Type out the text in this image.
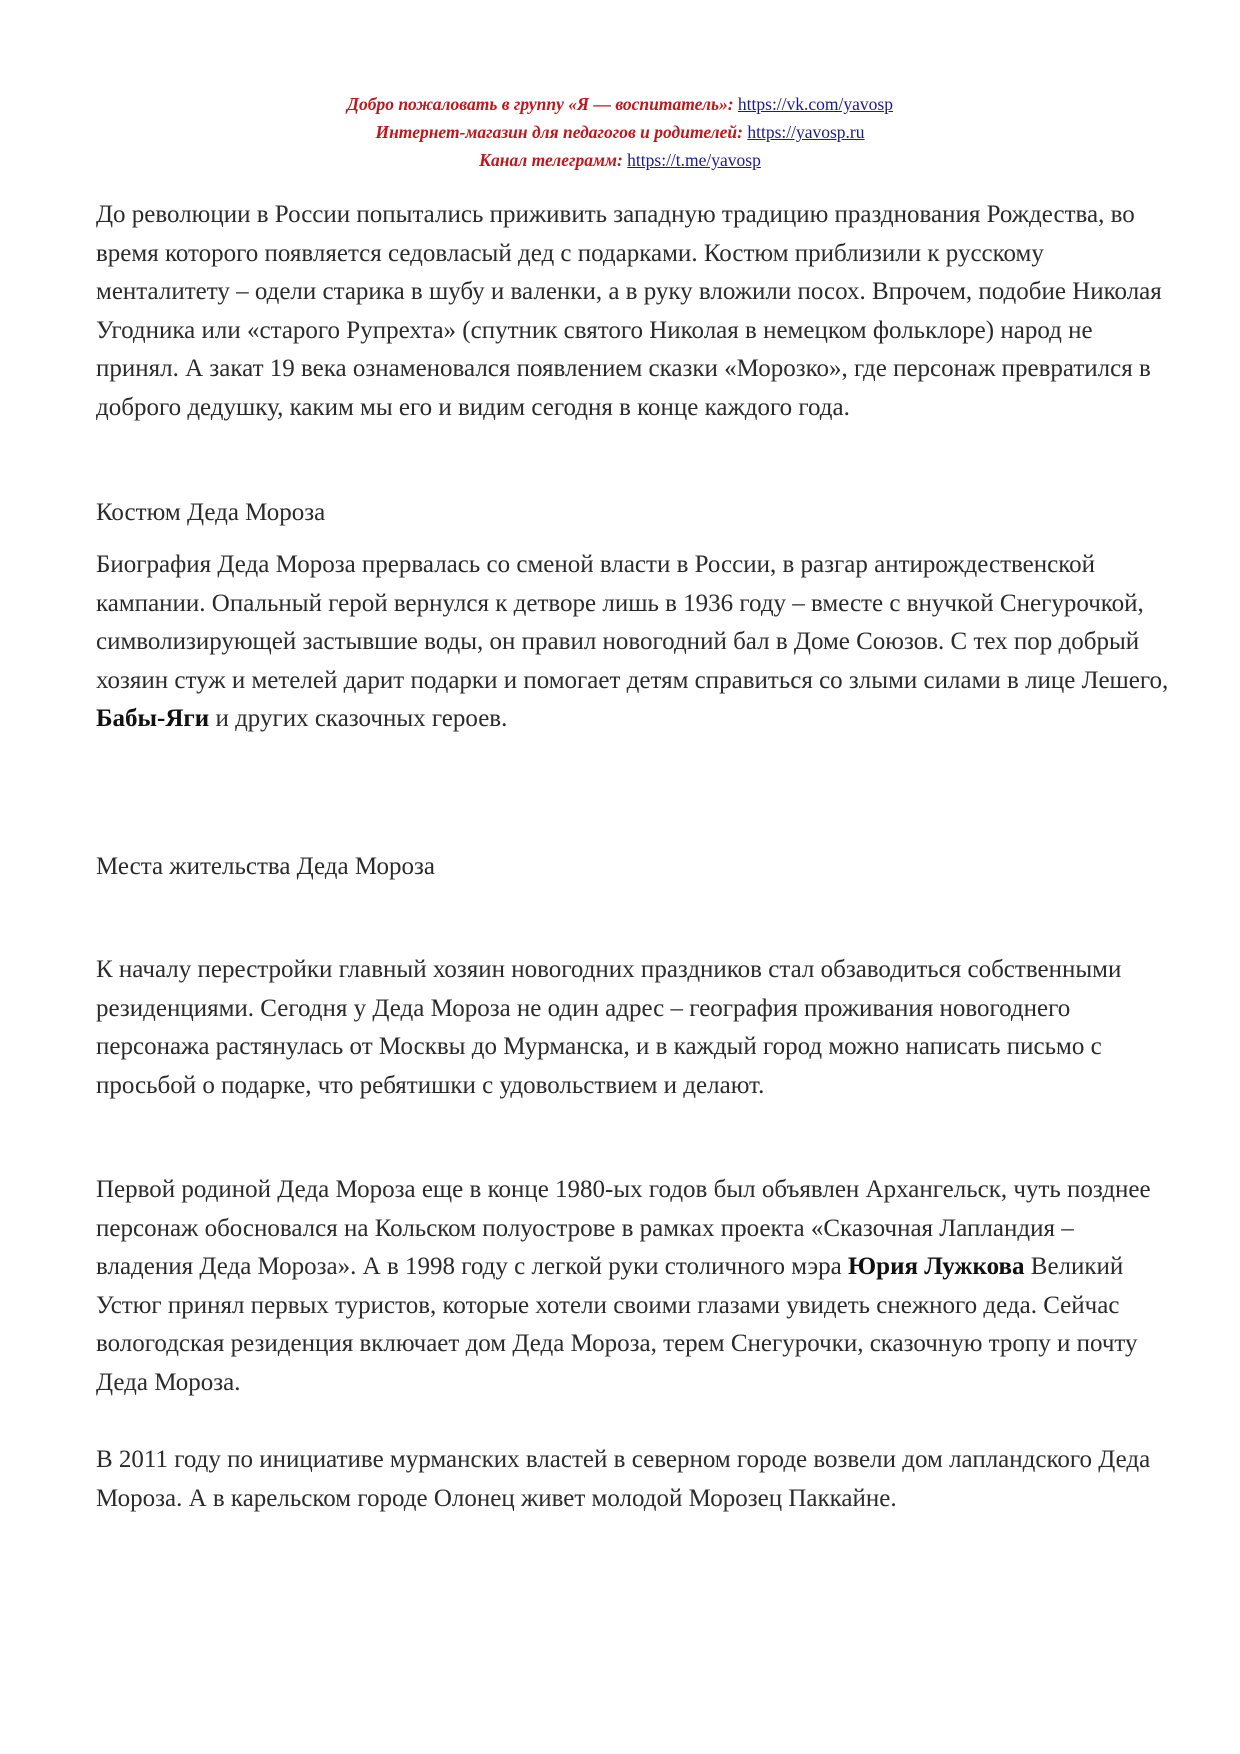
Добро пожаловать в группу «Я — воспитатель»: https://vk.com/yavosp
Интернет-магазин для педагогов и родителей: https://yavosp.ru
Канал телеграмм: https://t.me/yavosp

До революции в России попытались приживить западную традицию празднования Рождества, во время которого появляется седовласый дед с подарками. Костюм приблизили к русскому менталитету – одели старика в шубу и валенки, а в руку вложили посох. Впрочем, подобие Николая Угодника или «старого Рупрехта» (спутник святого Николая в немецком фольклоре) народ не принял. А закат 19 века ознаменовался появлением сказки «Морозко», где персонаж превратился в доброго дедушку, каким мы его и видим сегодня в конце каждого года.

Костюм Деда Мороза

Биография Деда Мороза прервалась со сменой власти в России, в разгар антирождественской кампании. Опальный герой вернулся к детворе лишь в 1936 году – вместе с внучкой Снегурочкой, символизирующей застывшие воды, он правил новогодний бал в Доме Союзов. С тех пор добрый хозяин стуж и метелей дарит подарки и помогает детям справиться со злыми силами в лице Лешего, Бабы-Яги и других сказочных героев.

Места жительства Деда Мороза

К началу перестройки главный хозяин новогодних праздников стал обзаводиться собственными резиденциями. Сегодня у Деда Мороза не один адрес – география проживания новогоднего персонажа растянулась от Москвы до Мурманска, и в каждый город можно написать письмо с просьбой о подарке, что ребятишки с удовольствием и делают.

Первой родиной Деда Мороза еще в конце 1980-ых годов был объявлен Архангельск, чуть позднее персонаж обосновался на Кольском полуострове в рамках проекта «Сказочная Лапландия – владения Деда Мороза». А в 1998 году с легкой руки столичного мэра Юрия Лужкова Великий Устюг принял первых туристов, которые хотели своими глазами увидеть снежного деда. Сейчас вологодская резиденция включает дом Деда Мороза, терем Снегурочки, сказочную тропу и почту Деда Мороза.

В 2011 году по инициативе мурманских властей в северном городе возвели дом лапландского Деда Мороза. А в карельском городе Олонец живет молодой Морозец Паккайне.
